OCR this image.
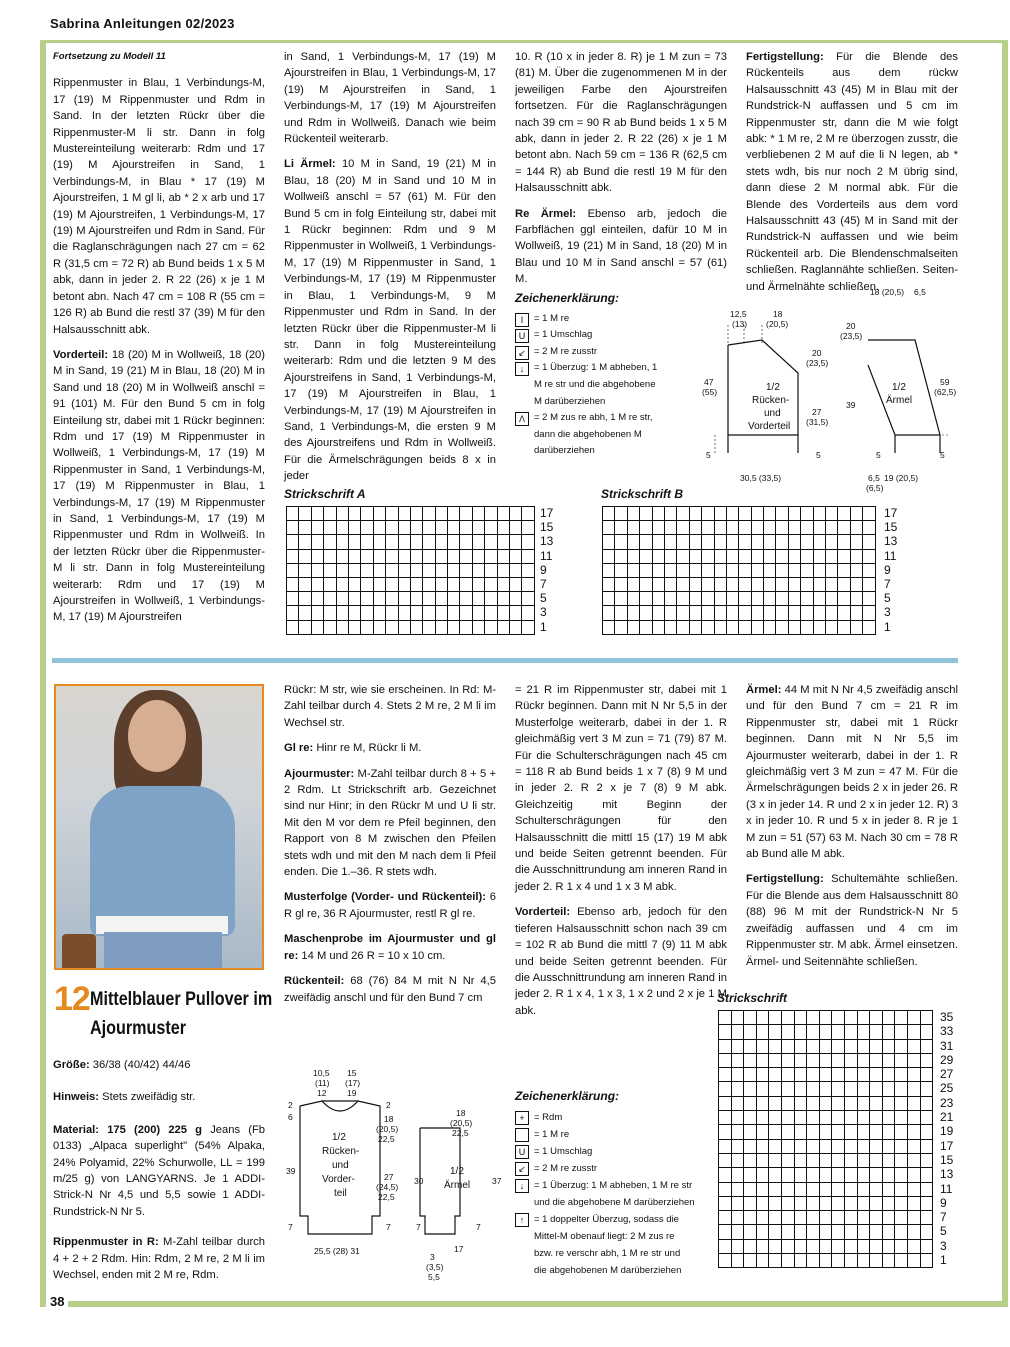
Sabrina Anleitungen 02/2023

Fortsetzung zu Modell 11

Rippenmuster in Blau, 1 Verbindungs-M, 17 (19) M Rippenmuster und Rdm in Sand. In der letzten Rückr über die Rippenmuster-M li str. Dann in folg Mustereinteilung weiterarb: Rdm und 17 (19) M Ajourstreifen in Sand, 1 Verbindungs-M, in Blau * 17 (19) M Ajourstreifen, 1 M gl li, ab * 2 x arb und 17 (19) M Ajourstreifen, 1 Verbindungs-M, 17 (19) M Ajourstreifen und Rdm in Sand. Für die Raglanschrägungen nach 27 cm = 62 R (31,5 cm = 72 R) ab Bund beids 1 x 5 M abk, dann in jeder 2. R 22 (26) x je 1 M betont abn. Nach 47 cm = 108 R (55 cm = 126 R) ab Bund die restl 37 (39) M für den Halsausschnitt abk.

Vorderteil: 18 (20) M in Wollweiß, 18 (20) M in Sand, 19 (21) M in Blau, 18 (20) M in Sand und 18 (20) M in Wollweiß anschl = 91 (101) M. Für den Bund 5 cm in folg Einteilung str, dabei mit 1 Rückr beginnen: Rdm und 17 (19) M Rippenmuster in Wollweiß, 1 Verbindungs-M, 17 (19) M Rippenmuster in Sand, 1 Verbindungs-M, 17 (19) M Rippenmuster in Blau, 1 Verbindungs-M, 17 (19) M Rippenmuster in Sand, 1 Verbindungs-M, 17 (19) M Rippenmuster und Rdm in Wollweiß. In der letzten Rückr über die Rippenmuster-M li str. Dann in folg Mustereinteilung weiterarb: Rdm und 17 (19) M Ajourstreifen in Wollweiß, 1 Verbindungs-M, 17 (19) M Ajourstreifen

in Sand, 1 Verbindungs-M, 17 (19) M Ajourstreifen in Blau, 1 Verbindungs-M, 17 (19) M Ajourstreifen in Sand, 1 Verbindungs-M, 17 (19) M Ajourstreifen und Rdm in Wollweiß. Danach wie beim Rückenteil weiterarb.

Li Ärmel: 10 M in Sand, 19 (21) M in Blau, 18 (20) M in Sand und 10 M in Wollweiß anschl = 57 (61) M. Für den Bund 5 cm in folg Einteilung str, dabei mit 1 Rückr beginnen: Rdm und 9 M Rippenmuster in Wollweiß, 1 Verbindungs-M, 17 (19) M Rippenmuster in Sand, 1 Verbindungs-M, 17 (19) M Rippenmuster in Blau, 1 Verbindungs-M, 9 M Rippenmuster und Rdm in Sand. In der letzten Rückr über die Rippenmuster-M li str. Dann in folg Mustereinteilung weiterarb: Rdm und die letzten 9 M des Ajourstreifens in Sand, 1 Verbindungs-M, 17 (19) M Ajourstreifen in Blau, 1 Verbindungs-M, 17 (19) M Ajourstreifen in Sand, 1 Verbindungs-M, die ersten 9 M des Ajourstreifens und Rdm in Wollweiß. Für die Ärmelschrägungen beids 8 x in jeder

10. R (10 x in jeder 8. R) je 1 M zun = 73 (81) M. Über die zugenommenen M in der jeweiligen Farbe den Ajourstreifen fortsetzen. Für die Raglanschrägungen nach 39 cm = 90 R ab Bund beids 1 x 5 M abk, dann in jeder 2. R 22 (26) x je 1 M betont abn. Nach 59 cm = 136 R (62,5 cm = 144 R) ab Bund die restl 19 M für den Halsausschnitt abk.

Re Ärmel: Ebenso arb, jedoch die Farbflächen ggl einteilen, dafür 10 M in Wollweiß, 19 (21) M in Sand, 18 (20) M in Blau und 10 M in Sand anschl = 57 (61) M.

Fertigstellung: Für die Blende des Rückenteils aus dem rückw Halsausschnitt 43 (45) M in Blau mit der Rundstrick-N auffassen und 5 cm im Rippenmuster str, dann die M wie folgt abk: * 1 M re, 2 M re überzogen zusstr, die verbliebenen 2 M auf die li N legen, ab * stets wdh, bis nur noch 2 M übrig sind, dann diese 2 M normal abk. Für die Blende des Vorderteils aus dem vord Halsausschnitt 43 (45) M in Sand mit der Rundstrick-N auffassen und wie beim Rückenteil arb. Die Blendenschmalseiten schließen. Raglannähte schließen. Seiten- und Ärmelnähte schließen.

Zeichenerklärung:
I	= 1 M re
U = 1 Umschlag
↙ = 2 M re zusstr
↓	= 1 Überzug: 1 M abheben, 1 M re str und die abgehobene M darüberziehen
Λ = 2 M zus re abh, 1 M re str, dann die abgehobenen M darüberziehen
12,5
(13)
18
(20,5)
20
(23,5)
47
(55)
27
(31,5)
5	5
30,5 (33,5)
1/2
Rücken-
und
Vorderteil
18 (20,5) 6,5
20
(23,5)
39
59
(62,5)
5	5
19 (20,5)
6,5
(6,5)
1/2
Ärmel
Strickschrift A
17
15
13
11
9
7
5
3
1
Strickschrift B
17
15
13
11
9
7
5
3
1
12 Mittelblauer Pullover im Ajourmuster

Größe: 36/38 (40/42) 44/46

Hinweis: Stets zweifädig str.

Material: 175 (200) 225 g Jeans (Fb 0133) „Alpaca superlight" (54% Alpaka, 24% Polyamid, 22% Schurwolle, LL = 199 m/25 g) von LANGYARNS. Je 1 ADDI-Strick-N Nr 4,5 und 5,5 sowie 1 ADDI-Rundstrick-N Nr 5.

Rippenmuster in R: M-Zahl teilbar durch 4 + 2 + 2 Rdm. Hin: Rdm, 2 M re, 2 M li im Wechsel, enden mit 2 M re, Rdm.

Rückr: M str, wie sie erscheinen. In Rd: M-Zahl teilbar durch 4. Stets 2 M re, 2 M li im Wechsel str.

Gl re: Hinr re M, Rückr li M.

Ajourmuster: M-Zahl teilbar durch 8 + 5 + 2 Rdm. Lt Strickschrift arb. Gezeichnet sind nur Hinr; in den Rückr M und U li str. Mit den M vor dem re Pfeil beginnen, den Rapport von 8 M zwischen den Pfeilen stets wdh und mit den M nach dem li Pfeil enden. Die 1.–36. R stets wdh.

Musterfolge (Vorder- und Rückenteil): 6 R gl re, 36 R Ajourmuster, restl R gl re.

Maschenprobe im Ajourmuster und gl re: 14 M und 26 R = 10 x 10 cm.

Rückenteil: 68 (76) 84 M mit N Nr 4,5 zweifädig anschl und für den Bund 7 cm

= 21 R im Rippenmuster str, dabei mit 1 Rückr beginnen. Dann mit N Nr 5,5 in der Musterfolge weiterarb, dabei in der 1. R gleichmäßig vert 3 M zun = 71 (79) 87 M. Für die Schulterschrägungen nach 45 cm = 118 R ab Bund beids 1 x 7 (8) 9 M und in jeder 2. R 2 x je 7 (8) 9 M abk. Gleichzeitig mit Beginn der Schulterschrägungen für den Halsausschnitt die mittl 15 (17) 19 M abk und beide Seiten getrennt beenden. Für die Ausschnittrundung am inneren Rand in jeder 2. R 1 x 4 und 1 x 3 M abk.

Vorderteil: Ebenso arb, jedoch für den tieferen Halsausschnitt schon nach 39 cm = 102 R ab Bund die mittl 7 (9) 11 M abk und beide Seiten getrennt beenden. Für die Ausschnittrundung am inneren Rand in jeder 2. R 1 x 4, 1 x 3, 1 x 2 und 2 x je 1 M abk.

Ärmel: 44 M mit N Nr 4,5 zweifädig anschl und für den Bund 7 cm = 21 R im Rippenmuster str, dabei mit 1 Rückr beginnen. Dann mit N Nr 5,5 im Ajourmuster weiterarb, dabei in der 1. R gleichmäßig vert 3 M zun = 47 M. Für die Ärmelschrägungen beids 2 x in jeder 26. R (3 x in jeder 14. R und 2 x in jeder 12. R) 3 x in jeder 10. R und 5 x in jeder 8. R je 1 M zun = 51 (57) 63 M. Nach 30 cm = 78 R ab Bund alle M abk.

Fertigstellung: Schultemähte schließen. Für die Blende aus dem Halsausschnitt 80 (88) 96 M mit der Rundstrick-N Nr 5 zweifädig auffassen und 4 cm im Rippenmuster str. M abk. Ärmel einsetzen. Ärmel- und Seitennähte schließen.

10,5
(11)
12
15
(17)
19
2
6
2
18
(20,5)
22,5
39
27
(24,5)
22,5
7	7
25,5 (28) 31
1/2
Rücken-
und
Vorder-
teil
18
(20,5)
22,5
30	37
7	7
17
3
(3,5)
5,5
1/2
Ärmel
Zeichenerklärung:
+ = Rdm
= 1 M re
U = 1 Umschlag
↙ = 2 M re zusstr
↓	= 1 Überzug: 1 M abheben, 1 M re str und die abgehobene M darüberziehen
↑	= 1 doppelter Überzug, sodass die Mittel-M obenauf liegt: 2 M zus re bzw. re verschr abh, 1 M re str und die abgehobenen M darüberziehen
Strickschrift
35
33
31
29
27
25
23
21
19
17
15
13
11
9
7
5
3
1
38
